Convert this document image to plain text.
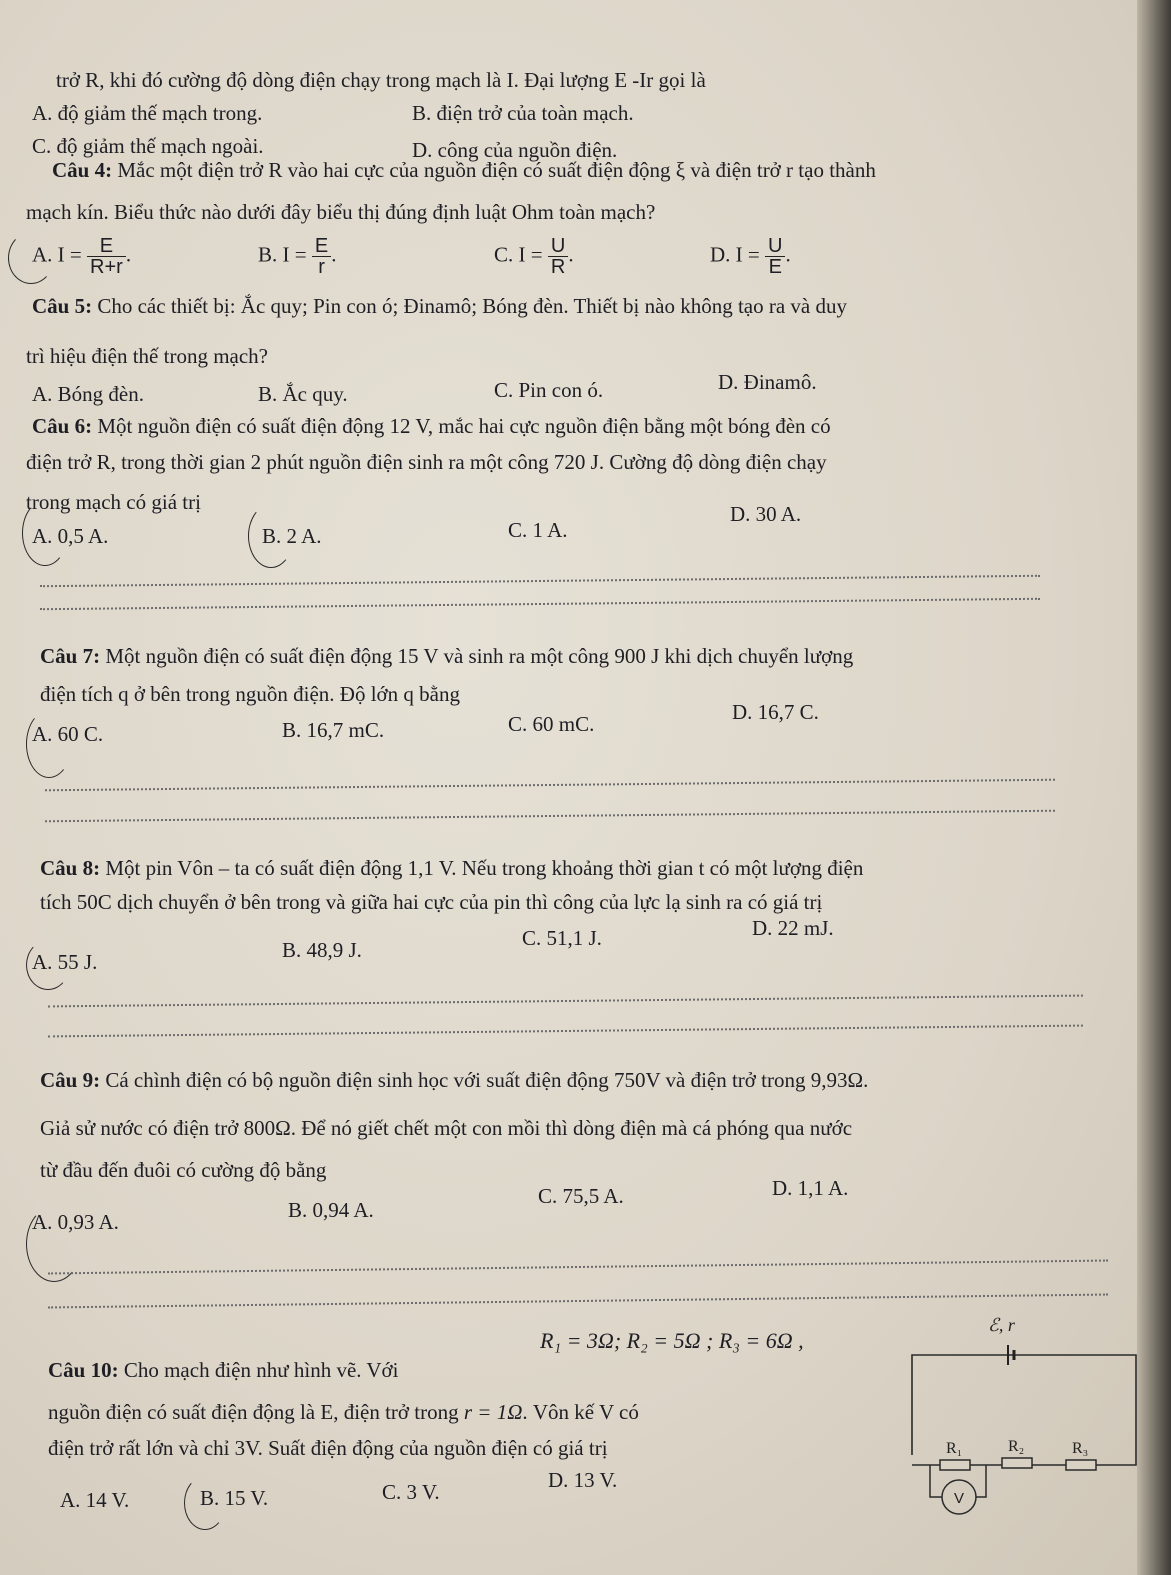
trở R, khi đó cường độ dòng điện chạy trong mạch là I. Đại lượng E -Ir gọi là
A. độ giảm thế mạch trong.	B. điện trở của toàn mạch.
C. độ giảm thế mạch ngoài.	D. công của nguồn điện.
Câu 4: Mắc một điện trở R vào hai cực của nguồn điện có suất điện động ξ và điện trở r tạo thành
mạch kín. Biểu thức nào dưới đây biểu thị đúng định luật Ohm toàn mạch?
A. $I = \frac{E}{R+r}$ .	B. $I = \frac{E}{r}$ .	C. $I = \frac{U}{R}$ .	D. $I = \frac{U}{E}$ .
Câu 5: Cho các thiết bị: Ắc quy; Pin con ó; Đinamô; Bóng đèn. Thiết bị nào không tạo ra và duy
trì hiệu điện thế trong mạch?
A. Bóng đèn.	B. Ắc quy.	C. Pin con ó.	D. Đinamô.
Câu 6: Một nguồn điện có suất điện động 12 V, mắc hai cực nguồn điện bằng một bóng đèn có
điện trở R, trong thời gian 2 phút nguồn điện sinh ra một công 720 J. Cường độ dòng điện chạy
trong mạch có giá trị
A. 0,5 A.	B. 2 A.	C. 1 A.
D. 30 A.
Câu 7: Một nguồn điện có suất điện động 15 V và sinh ra một công 900 J khi dịch chuyển lượng
điện tích q ở bên trong nguồn điện. Độ lớn q bằng
A. 60 C.	B. 16,7 mC.	C. 60 mC.	D. 16,7 C.
Câu 8: Một pin Vôn – ta có suất điện động 1,1 V. Nếu trong khoảng thời gian t có một lượng điện
tích 50C dịch chuyển ở bên trong và giữa hai cực của pin thì công của lực lạ sinh ra có giá trị
A. 55 J.	B. 48,9 J.	C. 51,1 J.	D. 22 mJ.
Câu 9: Cá chình điện có bộ nguồn điện sinh học với suất điện động 750V và điện trở trong 9,93Ω.
Giả sử nước có điện trở 800Ω. Để nó giết chết một con mồi thì dòng điện mà cá phóng qua nước
từ đầu đến đuôi có cường độ bằng
A. 0,93 A.	B. 0,94 A.
C. 75,5 A.	D. 1,1 A.
Câu 10: Cho mạch điện như hình vẽ. Với
R₁ = 3Ω; R₂ = 5Ω ; R₃ = 6Ω ,
nguồn điện có suất điện động là E, điện trở trong r = 1Ω. Vôn kế V có
điện trở rất lớn và chỉ 3V. Suất điện động của nguồn điện có giá trị
A. 14 V.	B. 15 V.	C. 3 V.	D. 13 V.
ℰ, r
R₁	R₂	R₃
V
